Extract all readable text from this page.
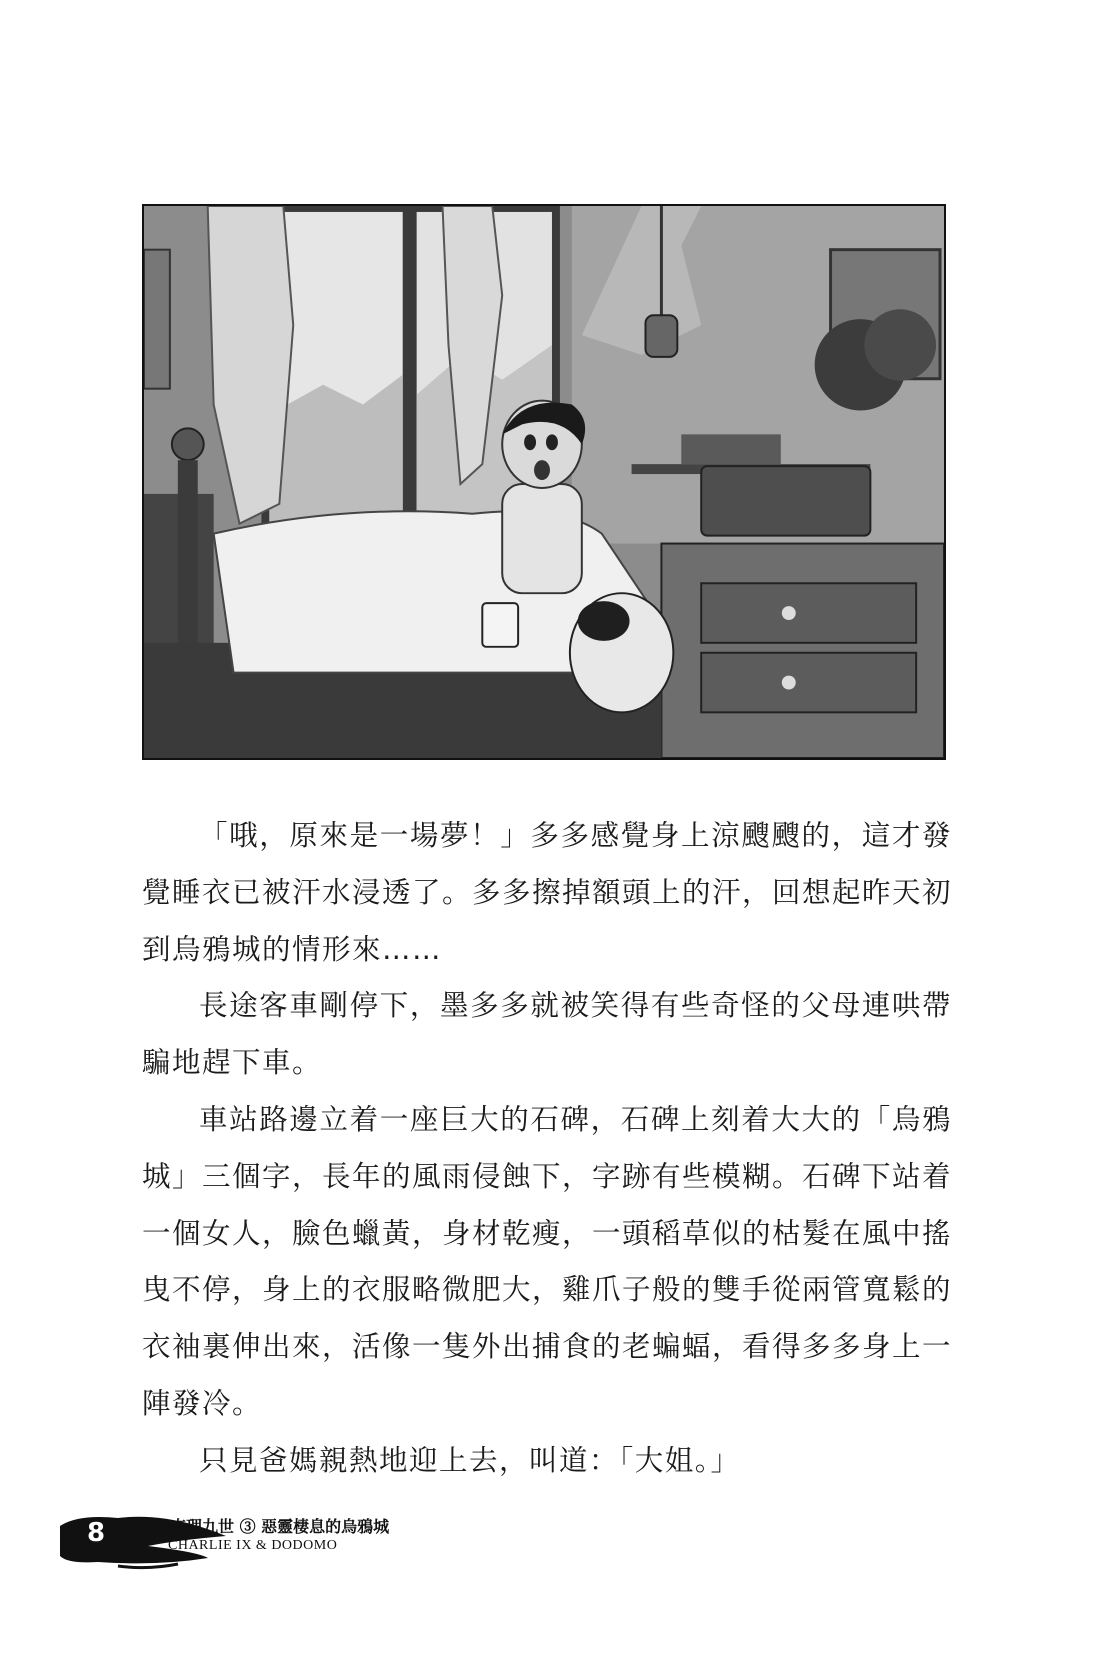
「哦，原來是一場夢！」多多感覺身上涼颼颼的，這才發覺睡衣已被汗水浸透了。多多擦掉額頭上的汗，回想起昨天初到烏鴉城的情形來……

長途客車剛停下，墨多多就被笑得有些奇怪的父母連哄帶騙地趕下車。

車站路邊立着一座巨大的石碑，石碑上刻着大大的「烏鴉城」三個字，長年的風雨侵蝕下，字跡有些模糊。石碑下站着一個女人，臉色蠟黃，身材乾瘦，一頭稻草似的枯髮在風中搖曳不停，身上的衣服略微肥大，雞爪子般的雙手從兩管寬鬆的衣袖裏伸出來，活像一隻外出捕食的老蝙蝠，看得多多身上一陣發冷。

只見爸媽親熱地迎上去，叫道：「大姐。」

8	查理九世 ③ 惡靈棲息的烏鴉城
CHARLIE IX & DODOMO
